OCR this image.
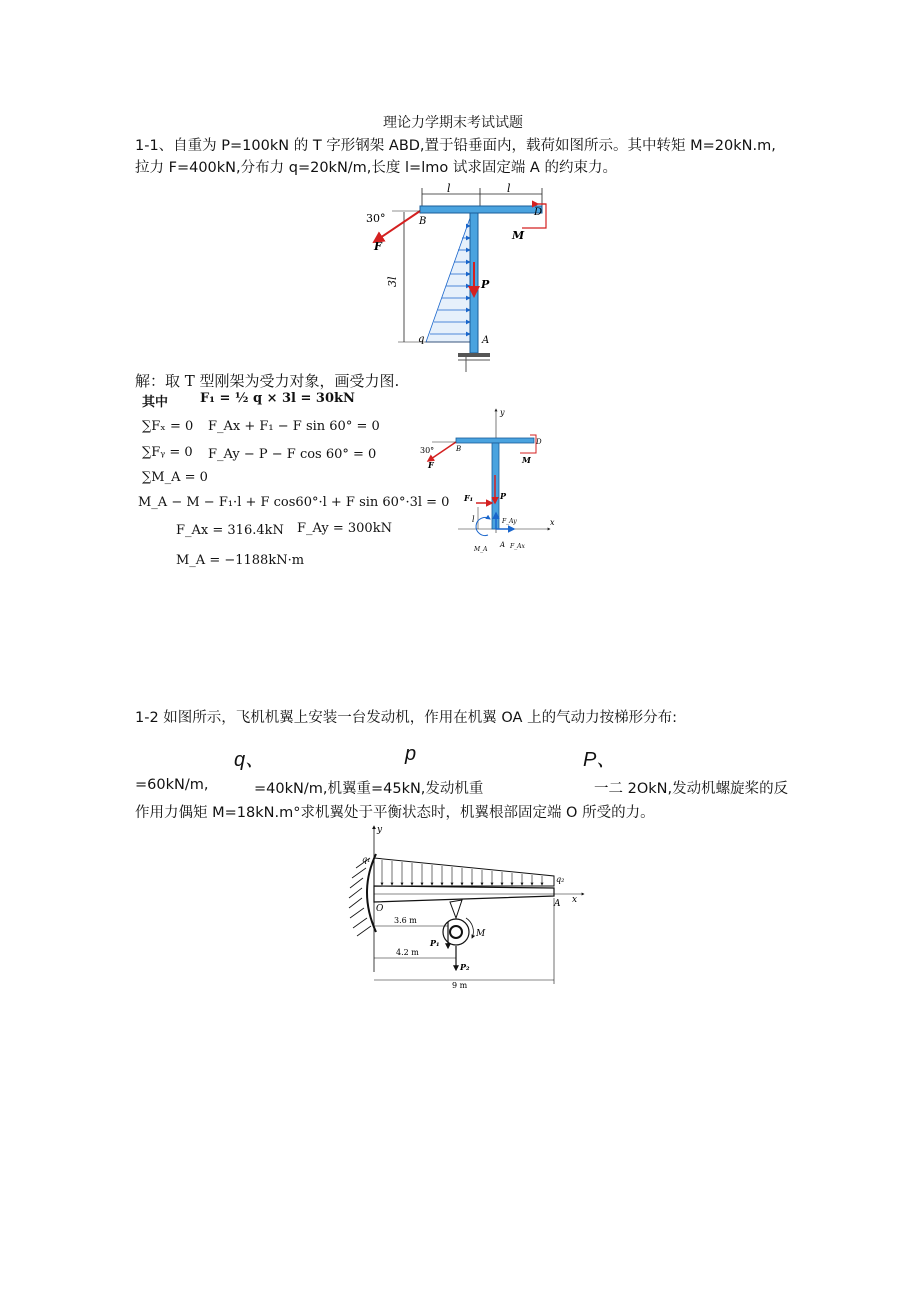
理论力学期末考试试题
1-1、自重为 P=100kN 的 T 字形钢架 ABD,置于铅垂面内，载荷如图所示。其中转矩 M=20kN.m,
拉力 F=400kN,分布力 q=20kN/m,长度 l=lmo 试求固定端 A 的约束力。
l	l
3l
30°
F
B
D
M
P
q	A
解：取 T 型刚架为受力对象，画受力图.
其中 F₁ = ½ q × 3l = 30kN
∑Fₓ = 0 F_Ax + F₁ − F sin 60° = 0
∑Fᵧ = 0 F_Ay − P − F cos 60° = 0
∑M_A = 0
M_A − M − F₁·l + F cos60°·l + F sin 60°·3l = 0
F_Ax = 316.4kN F_Ay = 300kN
M_A = −1188kN·m
y
x
30°
F
B
D
M
P
F₁
l	F_Ay
M_A
A F_Ax
1-2 如图所示，飞机机翼上安装一台发动机，作用在机翼 OA 上的气动力按梯形分布:
q、	p	P、
=60kN/m,	=40kN/m,机翼重=45kN,发动机重	一二 2OkN,发动机螺旋桨的反
作用力偶矩 M=18kN.m°求机翼处于平衡状态时，机翼根部固定端 O 所受的力。
y
q₁
q₂
O	A x
M
P₁
P₂
3.6 m
4.2 m
9 m
